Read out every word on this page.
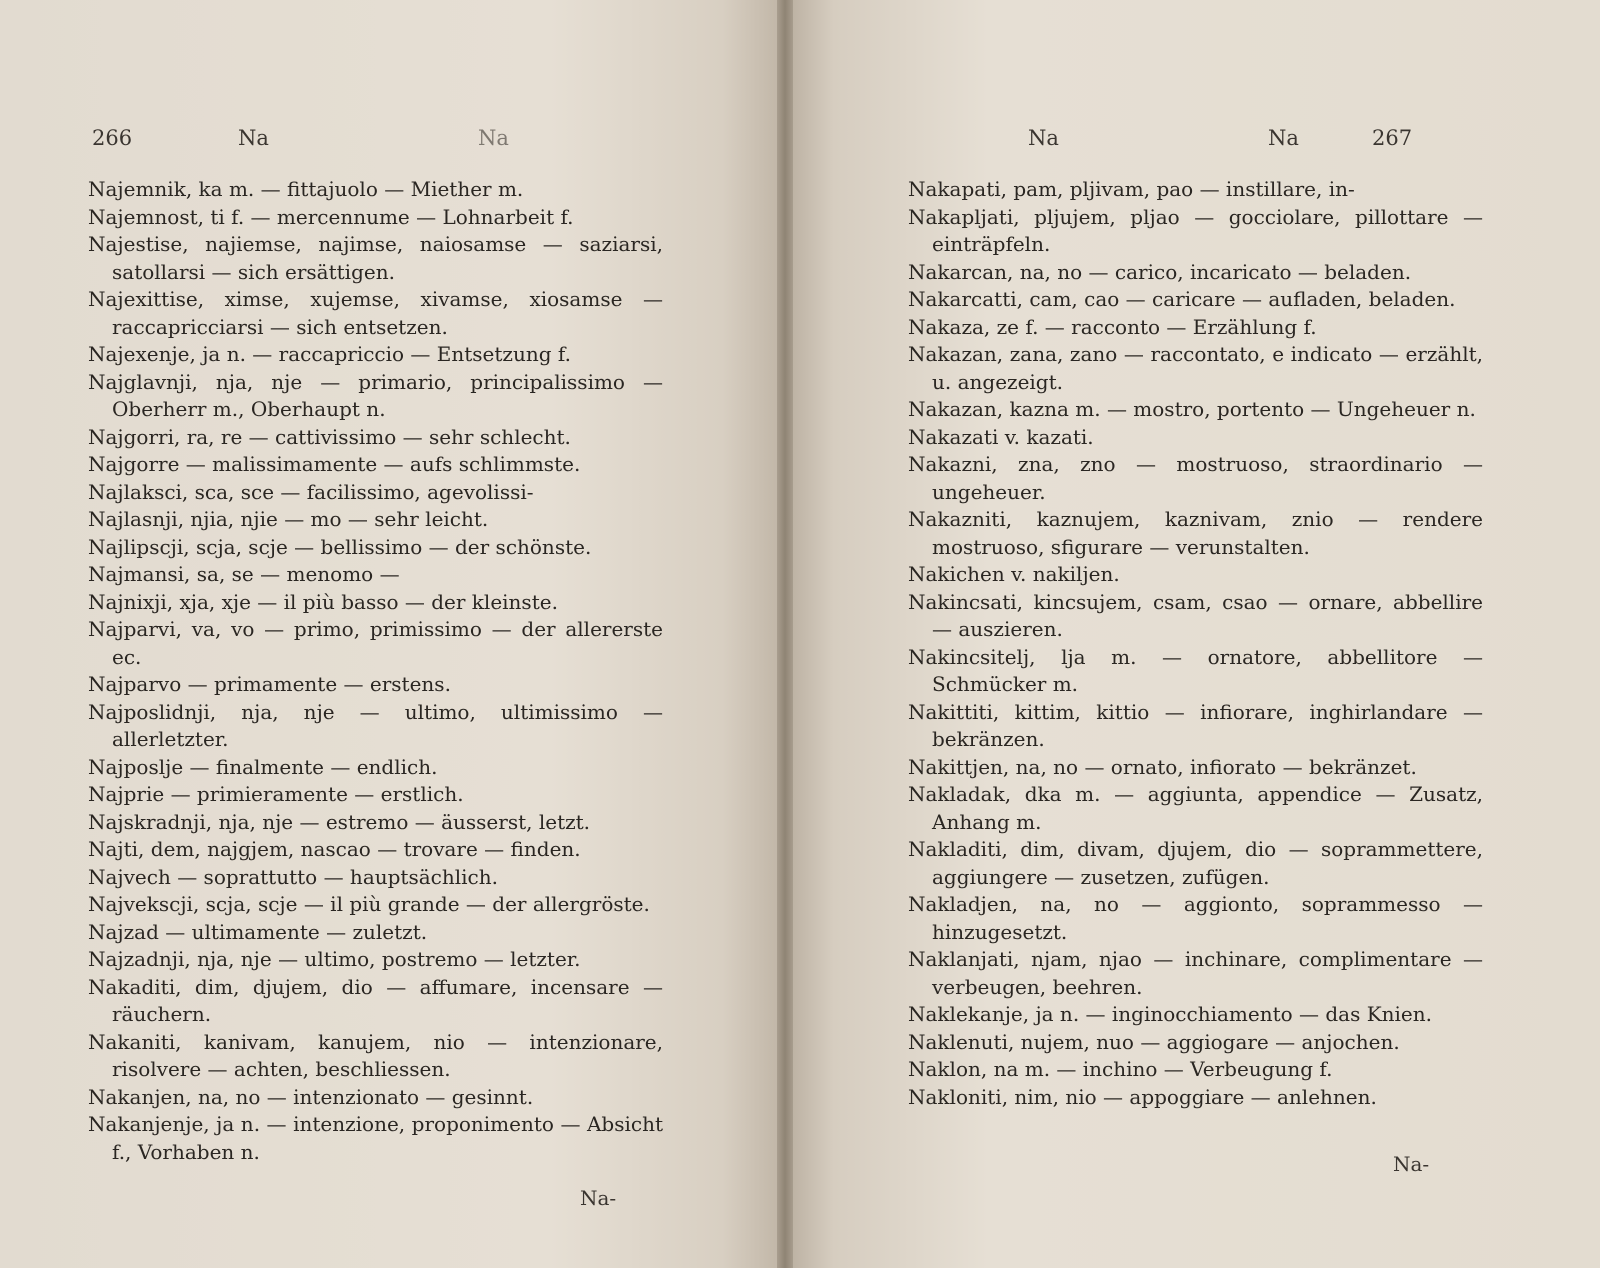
266	Na	Na
Najemnik, ka m. — fittajuolo — Miether m.
Najemnost, ti f. — mercennume — Lohnarbeit f.
Najestise, najiemse, najimse, naiosamse — saziarsi, satollarsi — sich ersättigen.
Najexittise, ximse, xujemse, xivamse, xiosamse — raccapricciarsi — sich entsetzen.
Najexenje, ja n. — raccapriccio — Entsetzung f.
Najglavnji, nja, nje — primario, principalissimo — Oberherr m., Oberhaupt n.
Najgorri, ra, re — cattivissimo — sehr schlecht.
Najgorre — malissimamente — aufs schlimmste.
Najlaksci, sca, sce — facilissimo, agevolissi-
Najlasnji, njia, njie — mo — sehr leicht.
Najlipscji, scja, scje — bellissimo — der schönste.
Najmansi, sa, se — menomo —
Najnixji, xja, xje — il più basso — der kleinste.
Najparvi, va, vo — primo, primissimo — der allererste ec.
Najparvo — primamente — erstens.
Najposlidnji, nja, nje — ultimo, ultimissimo — allerletzter.
Najposlje — finalmente — endlich.
Najprie — primieramente — erstlich.
Najskradnji, nja, nje — estremo — äusserst, letzt.
Najti, dem, najgjem, nascao — trovare — finden.
Najvech — soprattutto — hauptsächlich.
Najvekscji, scja, scje — il più grande — der allergröste.
Najzad — ultimamente — zuletzt.
Najzadnji, nja, nje — ultimo, postremo — letzter.
Nakaditi, dim, djujem, dio — affumare, incensare — räuchern.
Nakaniti, kanivam, kanujem, nio — intenzionare, risolvere — achten, beschliessen.
Nakanjen, na, no — intenzionato — gesinnt.
Nakanjenje, ja n. — intenzione, proponimento — Absicht f., Vorhaben n.
Na-
Na	Na	267
Na-
Nakapati, pam, pljivam, pao — instillare, in-
Nakapljati, pljujem, pljao — gocciolare, pillottare — einträpfeln.
Nakarcan, na, no — carico, incaricato — beladen.
Nakarcatti, cam, cao — caricare — aufladen, beladen.
Nakaza, ze f. — racconto — Erzählung f.
Nakazan, zana, zano — raccontato, e indicato — erzählt, u. angezeigt.
Nakazan, kazna m. — mostro, portento — Ungeheuer n.
Nakazati v. kazati.
Nakazni, zna, zno — mostruoso, straordinario — ungeheuer.
Nakazniti, kaznujem, kaznivam, znio — rendere mostruoso, sfigurare — verunstalten.
Nakichen v. nakiljen.
Nakincsati, kincsujem, csam, csao — ornare, abbellire — auszieren.
Nakincsitelj, lja m. — ornatore, abbellitore — Schmücker m.
Nakittiti, kittim, kittio — infiorare, inghirlandare — bekränzen.
Nakittjen, na, no — ornato, infiorato — bekränzet.
Nakladak, dka m. — aggiunta, appendice — Zusatz, Anhang m.
Nakladiti, dim, divam, djujem, dio — soprammettere, aggiungere — zusetzen, zufügen.
Nakladjen, na, no — aggionto, soprammesso — hinzugesetzt.
Naklanjati, njam, njao — inchinare, complimentare — verbeugen, beehren.
Naklekanje, ja n. — inginocchiamento — das Knien.
Naklenuti, nujem, nuo — aggiogare — anjochen.
Naklon, na m. — inchino — Verbeugung f.
Nakloniti, nim, nio — appoggiare — anlehnen.
